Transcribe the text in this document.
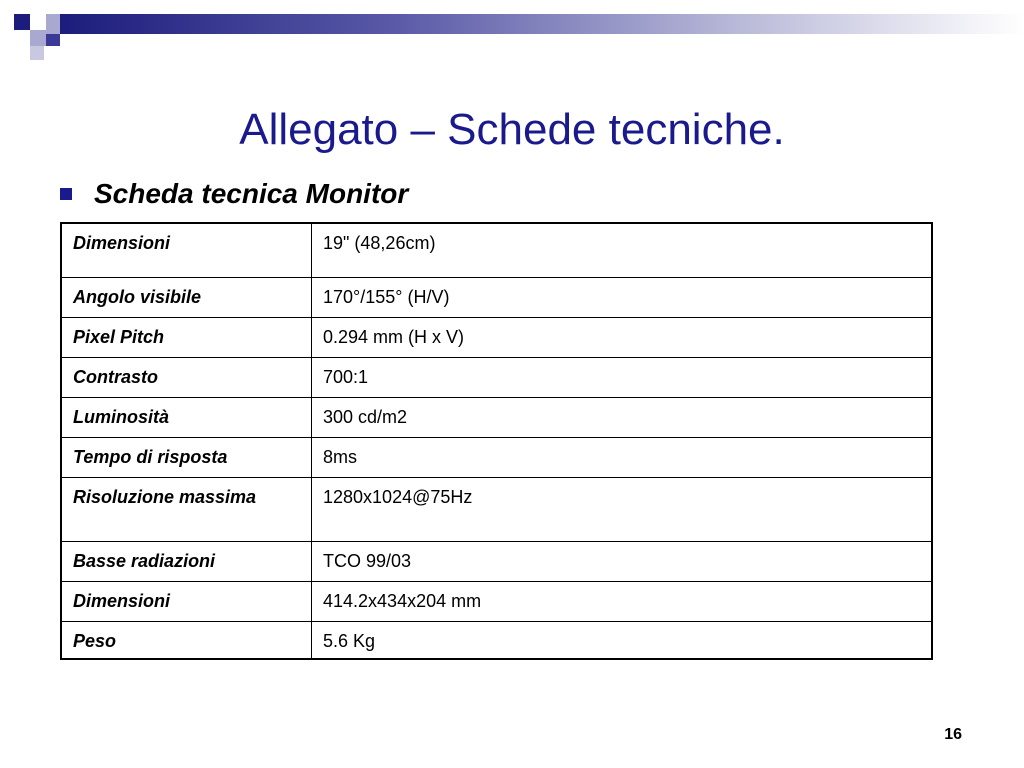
Allegato – Schede tecniche.
Scheda tecnica Monitor
Dimensioni	19" (48,26cm)
Angolo visibile	170°/155° (H/V)
Pixel Pitch	0.294 mm (H x V)
Contrasto	700:1
Luminosità	300 cd/m2
Tempo di risposta	8ms
Risoluzione massima	1280x1024@75Hz
Basse radiazioni	TCO 99/03
Dimensioni	414.2x434x204 mm
Peso	5.6 Kg
16
